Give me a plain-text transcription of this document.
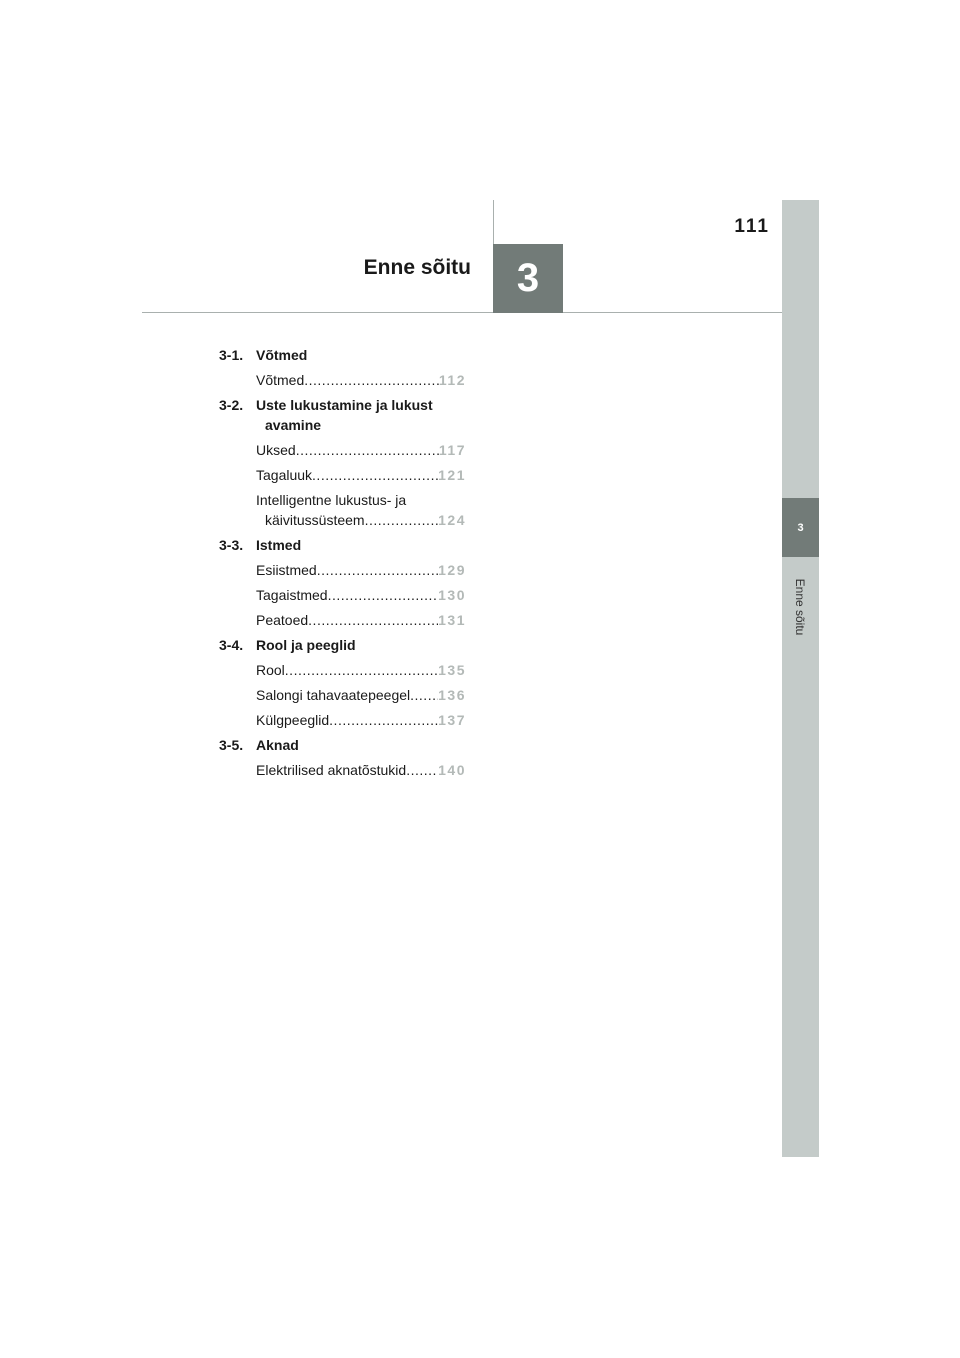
3
Enne sõitu
3
111
Enne sõitu
3-1. Võtmed
Võtmed .....	112
3-2. Uste lukustamine ja lukust
avamine
Uksed .....	117
Tagaluuk .....	121
Intelligentne lukustus- ja
käivitussüsteem .....	124
3-3. Istmed
Esiistmed .....	129
Tagaistmed .....	130
Peatoed .....	131
3-4. Rool ja peeglid
Rool .....	135
Salongi tahavaatepeegel ..... 136
Külgpeeglid .....	137
3-5. Aknad
Elektrilised aknatõstukid ..... 140
